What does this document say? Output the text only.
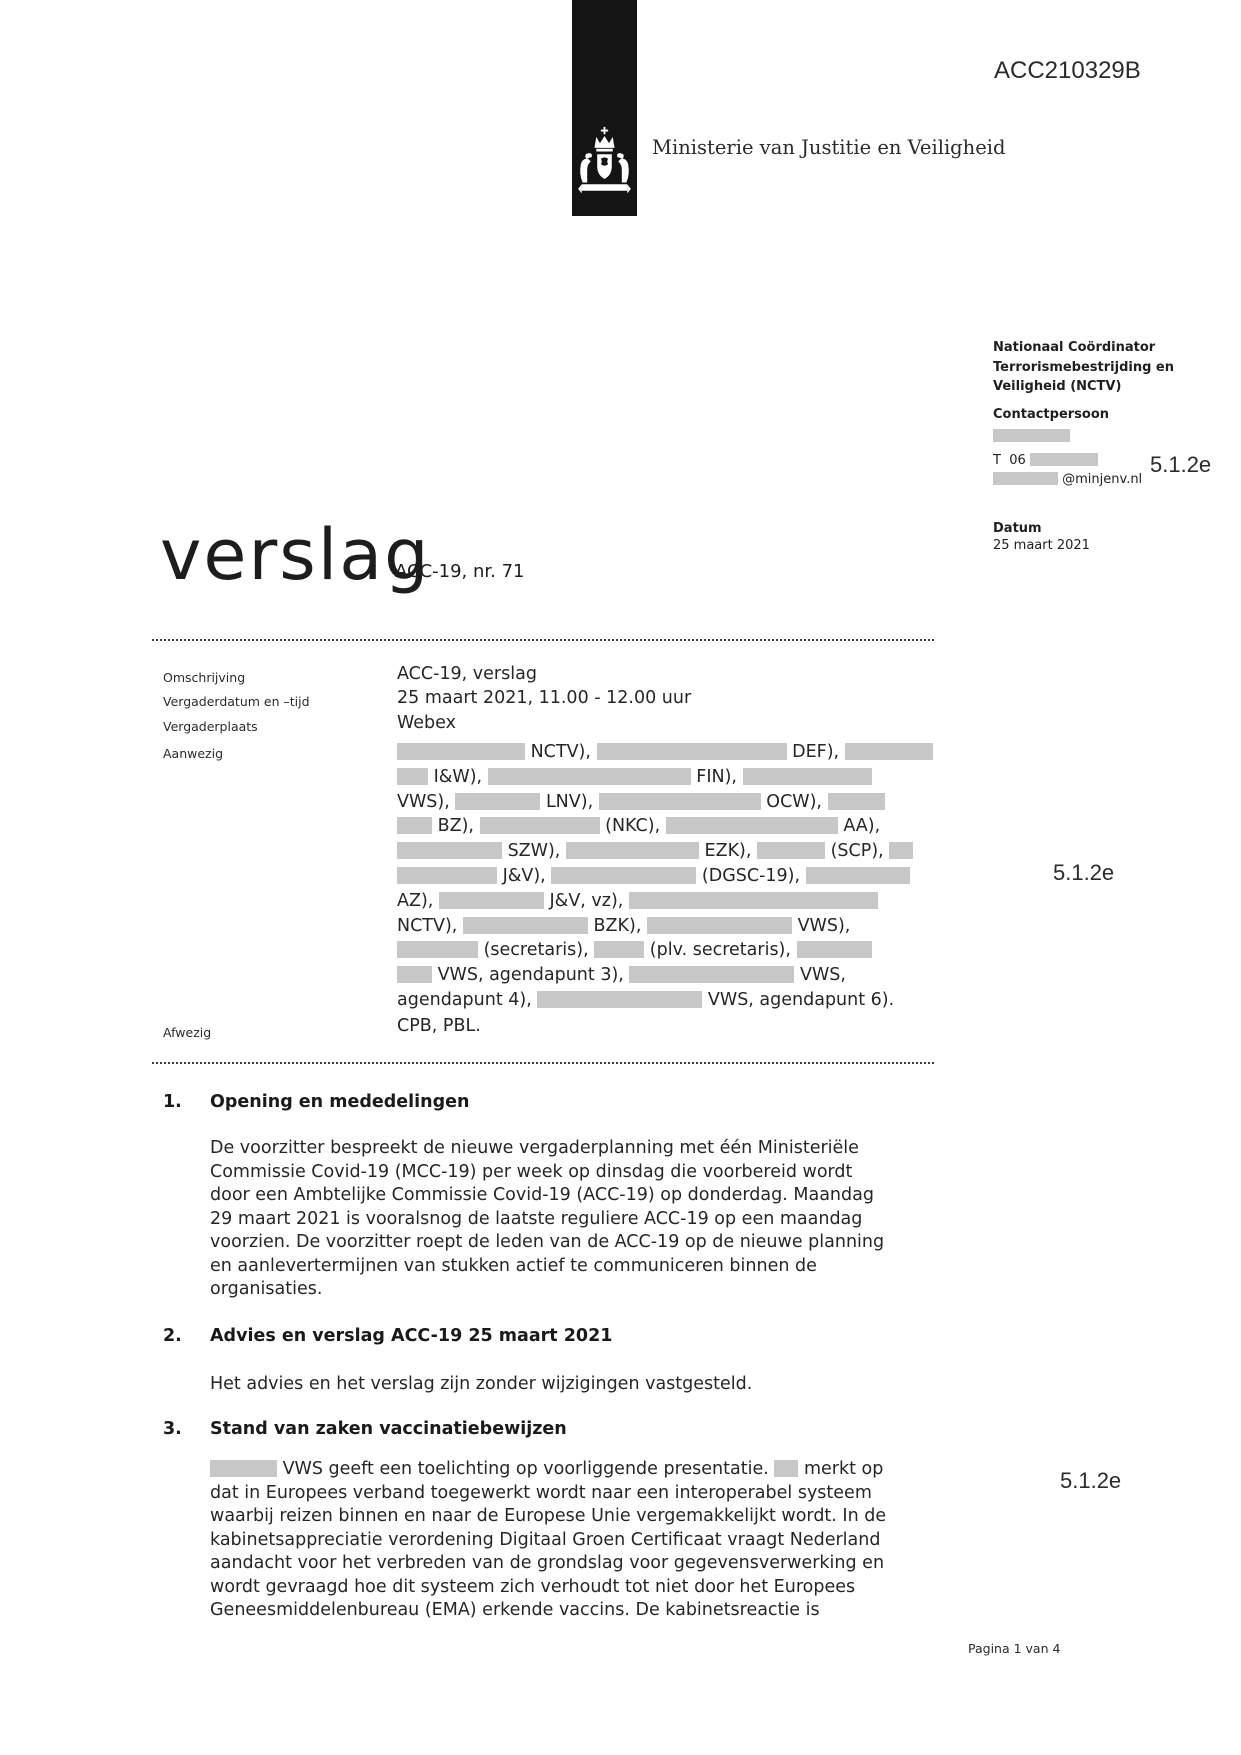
Ministerie van Justitie en Veiligheid
ACC210329B
Nationaal Coördinator
Terrorismebestrijding en
Veiligheid (NCTV)
Contactpersoon
T  06
@minjenv.nl
Datum
25 maart 2021
5.1.2e
5.1.2e
5.1.2e
verslag
ACC-19, nr. 71
Omschrijving	ACC-19, verslag
Vergaderdatum en –tijd	25 maart 2021, 11.00 - 12.00 uur
Vergaderplaats	Webex
Aanwezig	NCTV),	DEF),
I&W),	FIN),
VWS),	LNV),	OCW),
BZ),	(NKC),	AA),
SZW),	EZK),	(SCP),
J&V),	(DGSC-19),
AZ),	J&V, vz),
NCTV),	BZK),	VWS),
(secretaris),	(plv. secretaris),
VWS, agendapunt 3),	VWS,
agendapunt 4),	VWS, agendapunt 6).
Afwezig	CPB, PBL.
1. Opening en mededelingen
De voorzitter bespreekt de nieuwe vergaderplanning met één Ministeriële
Commissie Covid-19 (MCC-19) per week op dinsdag die voorbereid wordt
door een Ambtelijke Commissie Covid-19 (ACC-19) op donderdag. Maandag
29 maart 2021 is vooralsnog de laatste reguliere ACC-19 op een maandag
voorzien. De voorzitter roept de leden van de ACC-19 op de nieuwe planning
en aanlevertermijnen van stukken actief te communiceren binnen de
organisaties.
2. Advies en verslag ACC-19 25 maart 2021
Het advies en het verslag zijn zonder wijzigingen vastgesteld.
3. Stand van zaken vaccinatiebewijzen
VWS geeft een toelichting op voorliggende presentatie. merkt op
dat in Europees verband toegewerkt wordt naar een interoperabel systeem
waarbij reizen binnen en naar de Europese Unie vergemakkelijkt wordt. In de
kabinetsappreciatie verordening Digitaal Groen Certificaat vraagt Nederland
aandacht voor het verbreden van de grondslag voor gegevensverwerking en
wordt gevraagd hoe dit systeem zich verhoudt tot niet door het Europees
Geneesmiddelenbureau (EMA) erkende vaccins. De kabinetsreactie is
Pagina 1 van 4
